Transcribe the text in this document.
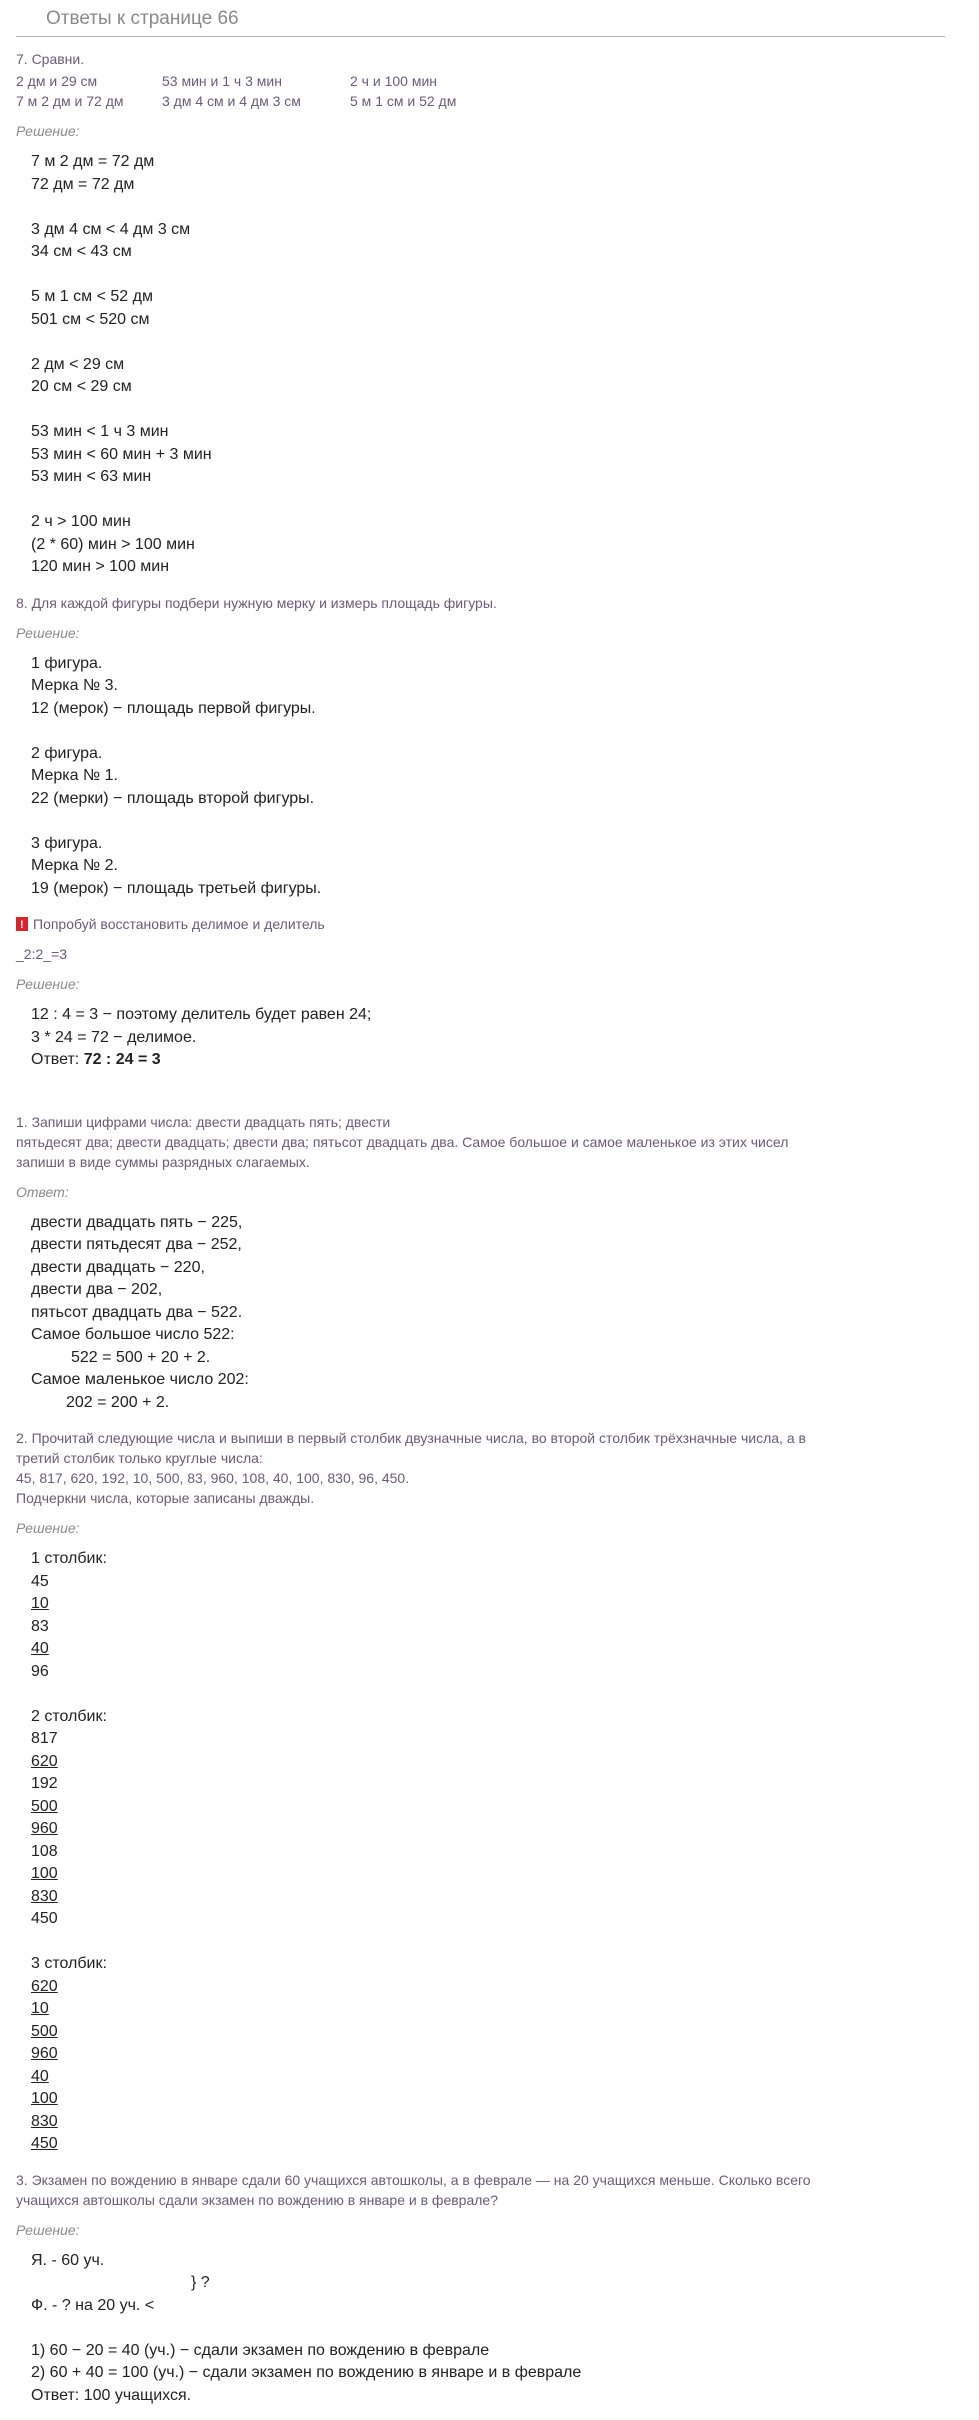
Ответы к странице 66
7. Сравни.
2 дм и 29 см	53 мин и 1 ч 3 мин	2 ч и 100 мин
7 м 2 дм и 72 дм	3 дм 4 см и 4 дм 3 см	5 м 1 см и 52 дм
Решение:
7 м 2 дм = 72 дм
72 дм = 72 дм
3 дм 4 см < 4 дм 3 см
34 см < 43 см
5 м 1 см < 52 дм
501 см < 520 см
2 дм < 29 см
20 см < 29 см
53 мин < 1 ч 3 мин
53 мин < 60 мин + 3 мин
53 мин < 63 мин
2 ч > 100 мин
(2 * 60) мин > 100 мин
120 мин > 100 мин
8. Для каждой фигуры подбери нужную мерку и измерь площадь фигуры.
Решение:
1 фигура.
Мерка № 3.
12 (мерок) − площадь первой фигуры.
2 фигура.
Мерка № 1.
22 (мерки) − площадь второй фигуры.
3 фигура.
Мерка № 2.
19 (мерок) − площадь третьей фигуры.
!
Попробуй восстановить делимое и делитель
_2:2_=3
Решение:
12 : 4 = 3 − поэтому делитель будет равен 24;
3 * 24 = 72 − делимое.
Ответ: 72 : 24 = 3
1. Запиши цифрами числа: двести двадцать пять; двести
пятьдесят два; двести двадцать; двести два; пятьсот двадцать два. Самое большое и самое маленькое из этих чисел
запиши в виде суммы разрядных слагаемых.
Ответ:
двести двадцать пять − 225,
двести пятьдесят два − 252,
двести двадцать − 220,
двести два − 202,
пятьсот двадцать два − 522.
Самое большое число 522:
522 = 500 + 20 + 2.
Самое маленькое число 202:
202 = 200 + 2.
2. Прочитай следующие числа и выпиши в первый столбик двузначные числа, во второй столбик трёхзначные числа, а в
третий столбик только круглые числа:
45, 817, 620, 192, 10, 500, 83, 960, 108, 40, 100, 830, 96, 450.
Подчеркни числа, которые записаны дважды.
Решение:
1 столбик:
45
10
83
40
96
2 столбик:
817
620
192
500
960
108
100
830
450
3 столбик:
620
10
500
960
40
100
830
450
3. Экзамен по вождению в январе сдали 60 учащихся автошколы, а в феврале — на 20 учащихся меньше. Сколько всего
учащихся автошколы сдали экзамен по вождению в январе и в феврале?
Решение:
Я. - 60 уч.
} ?
Ф. - ? на 20 уч. <
1) 60 − 20 = 40 (уч.) − сдали экзамен по вождению в феврале
2) 60 + 40 = 100 (уч.) − сдали экзамен по вождению в январе и в феврале
Ответ: 100 учащихся.
